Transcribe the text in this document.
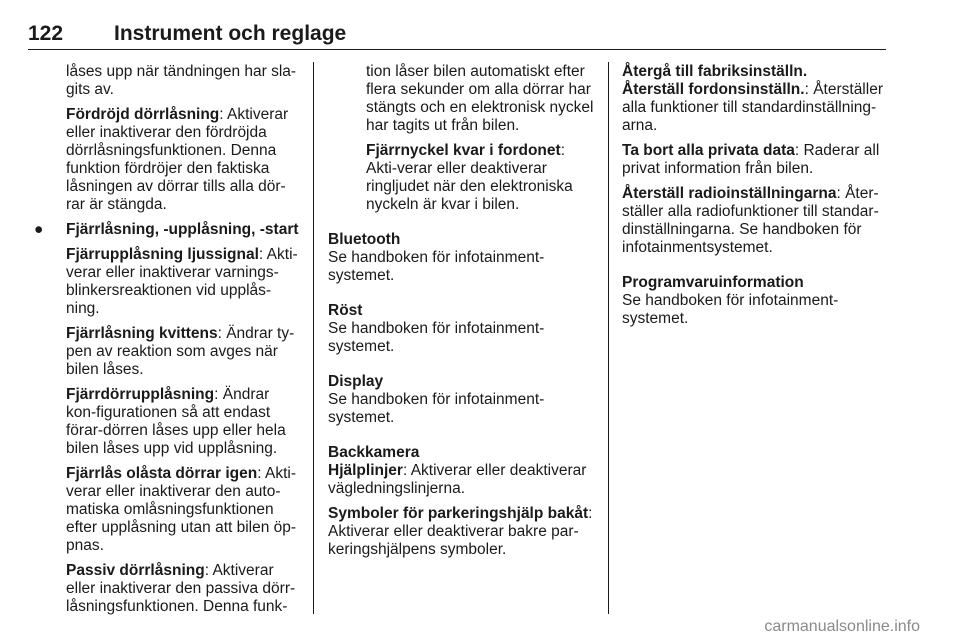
122 Instrument och reglage

låses upp när tändningen har sla-gits av.

Fördröjd dörrlåsning: Aktiverar eller inaktiverar den fördröjda dörrlåsningsfunktionen. Denna funktion fördröjer den faktiska låsningen av dörrar tills alla dör-rar är stängda.

● Fjärrlåsning, -upplåsning, -start

Fjärrupplåsning ljussignal: Akti-verar eller inaktiverar varnings-blinkersreaktionen vid upplås-ning.

Fjärrlåsning kvittens: Ändrar ty-pen av reaktion som avges när bilen låses.

Fjärrdörrupplåsning: Ändrar kon-figurationen så att endast förar-dörren låses upp eller hela bilen låses upp vid upplåsning.

Fjärrlås olåsta dörrar igen: Akti-verar eller inaktiverar den auto-matiska omlåsningsfunktionen efter upplåsning utan att bilen öp-pnas.

Passiv dörrlåsning: Aktiverar eller inaktiverar den passiva dörr-låsningsfunktionen. Denna funk-

tion låser bilen automatiskt efter flera sekunder om alla dörrar har stängts och en elektronisk nyckel har tagits ut från bilen.

Fjärrnyckel kvar i fordonet: Akti-verar eller deaktiverar ringljudet när den elektroniska nyckeln är kvar i bilen.

Bluetooth

Se handboken för infotainment-systemet.

Röst

Se handboken för infotainment-systemet.

Display

Se handboken för infotainment-systemet.

Backkamera

Hjälplinjer: Aktiverar eller deaktiverar vägledningslinjerna.

Symboler för parkeringshjälp bakåt: Aktiverar eller deaktiverar bakre par-keringshjälpens symboler.

Återgå till fabriksinställn.

Återställ fordonsinställn.: Återställer alla funktioner till standardinställning-arna.

Ta bort alla privata data: Raderar all privat information från bilen.

Återställ radioinställningarna: Åter-ställer alla radiofunktioner till standar-dinställningarna. Se handboken för infotainmentsystemet.

Programvaruinformation

Se handboken för infotainment-systemet.

carmanualsonline.info
